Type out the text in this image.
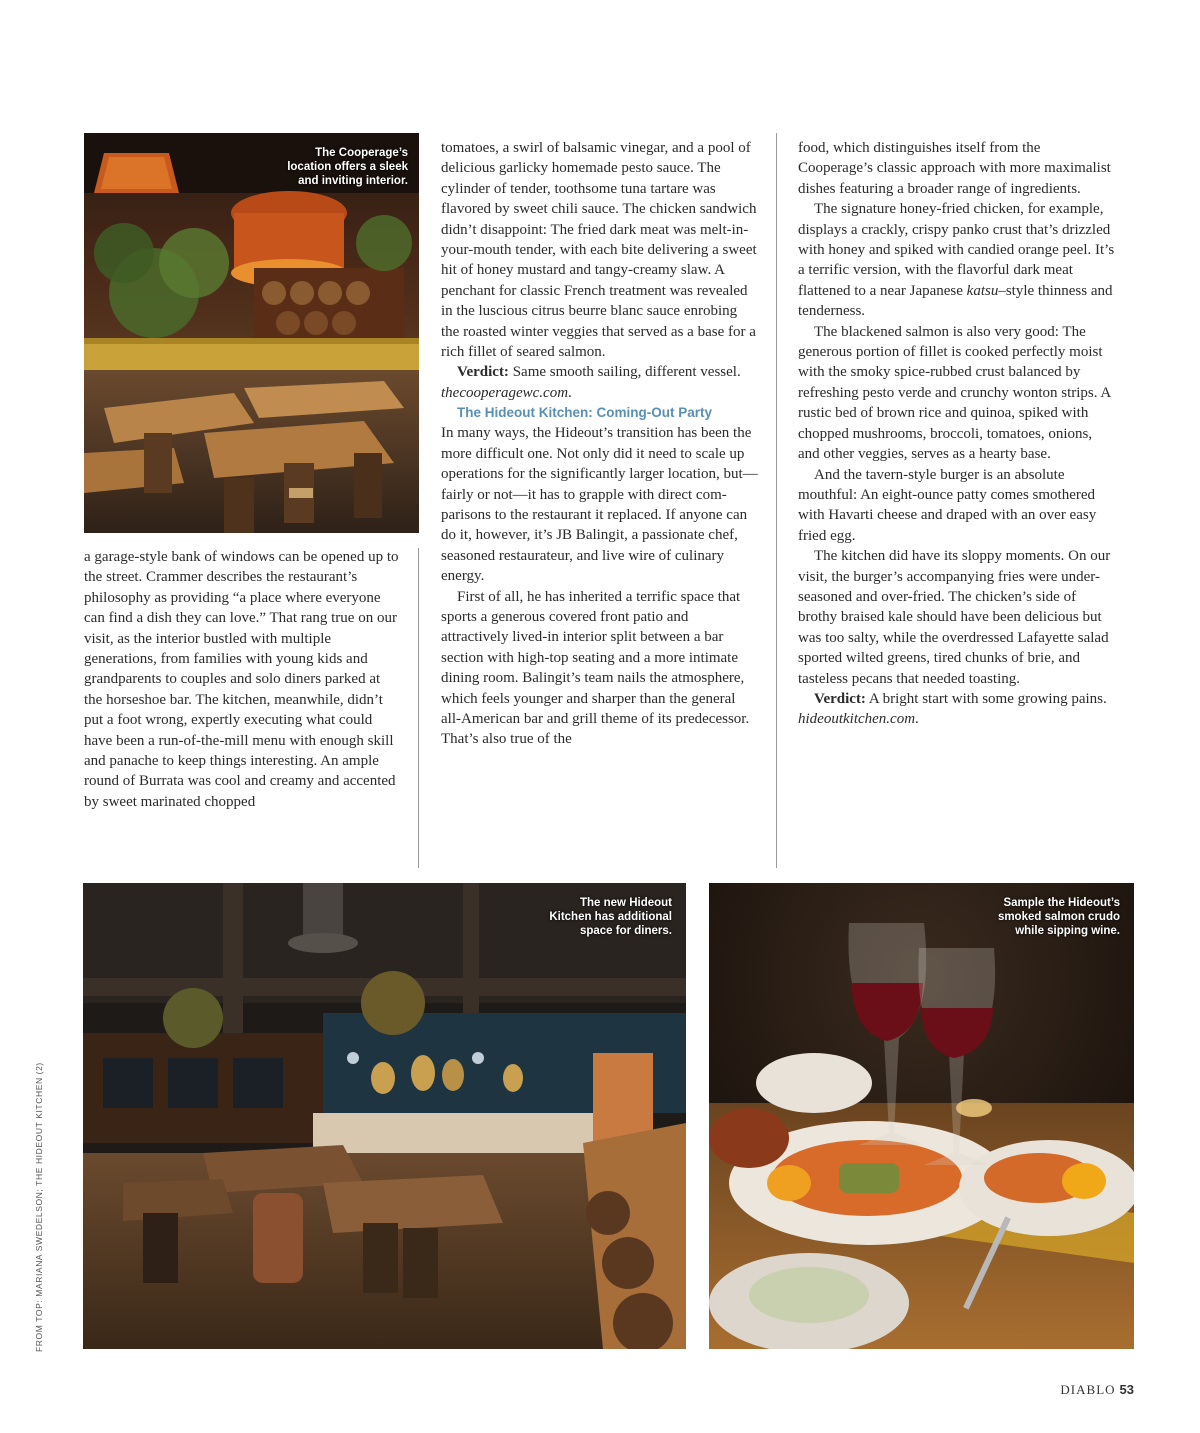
The Cooperage’s
location offers a sleek
and inviting interior.

a garage-style bank of windows can be opened up to the street. Crammer describes the restaurant’s philosophy as providing “a place where everyone can find a dish they can love.” That rang true on our visit, as the interior bustled with multiple generations, from families with young kids and grandparents to couples and solo diners parked at the horseshoe bar. The kitchen, meanwhile, didn’t put a foot wrong, expertly executing what could have been a run-of-the-mill menu with enough skill and panache to keep things interesting. An ample round of Burrata was cool and creamy and accented by sweet marinated chopped

tomatoes, a swirl of balsamic vinegar, and a pool of delicious garlicky homemade pesto sauce. The cylinder of tender, toothsome tuna tartare was flavored by sweet chili sauce. The chicken sandwich didn’t disappoint: The fried dark meat was melt-in-your-mouth tender, with each bite delivering a sweet hit of honey mustard and tangy-creamy slaw. A penchant for classic French treatment was revealed in the luscious citrus beurre blanc sauce enrobing the roasted winter veggies that served as a base for a rich fillet of seared salmon.

Verdict: Same smooth sailing, different vessel. thecooperagewc.com.

The Hideout Kitchen: Coming-Out Party

In many ways, the Hideout’s transition has been the more difficult one. Not only did it need to scale up operations for the significantly larger location, but—fairly or not—it has to grapple with direct comparisons to the restaurant it replaced. If anyone can do it, however, it’s JB Balingit, a passionate chef, seasoned restaurateur, and live wire of culinary energy.

First of all, he has inherited a terrific space that sports a generous covered front patio and attractively lived-in interior split between a bar section with high-top seating and a more intimate dining room. Balingit’s team nails the atmosphere, which feels younger and sharper than the general all-American bar and grill theme of its predecessor. That’s also true of the

food, which distinguishes itself from the Cooperage’s classic approach with more maximalist dishes featuring a broader range of ingredients.

The signature honey-fried chicken, for example, displays a crackly, crispy panko crust that’s drizzled with honey and spiked with candied orange peel. It’s a terrific version, with the flavorful dark meat flattened to a near Japanese katsu–style thinness and tenderness.

The blackened salmon is also very good: The generous portion of fillet is cooked perfectly moist with the smoky spice-rubbed crust balanced by refreshing pesto verde and crunchy wonton strips. A rustic bed of brown rice and quinoa, spiked with chopped mushrooms, broccoli, tomatoes, onions, and other veggies, serves as a hearty base.

And the tavern-style burger is an absolute mouthful: An eight-ounce patty comes smothered with Havarti cheese and draped with an over easy fried egg.

The kitchen did have its sloppy moments. On our visit, the burger’s accompanying fries were under-seasoned and over-fried. The chicken’s side of brothy braised kale should have been delicious but was too salty, while the overdressed Lafayette salad sported wilted greens, tired chunks of brie, and tasteless pecans that needed toasting.

Verdict: A bright start with some growing pains. hideoutkitchen.com.

The new Hideout
Kitchen has additional
space for diners.
Sample the Hideout’s
smoked salmon crudo
while sipping wine.
FROM TOP: MARIANA SWEDELSON; THE HIDEOUT KITCHEN (2)
DIABLO 53
